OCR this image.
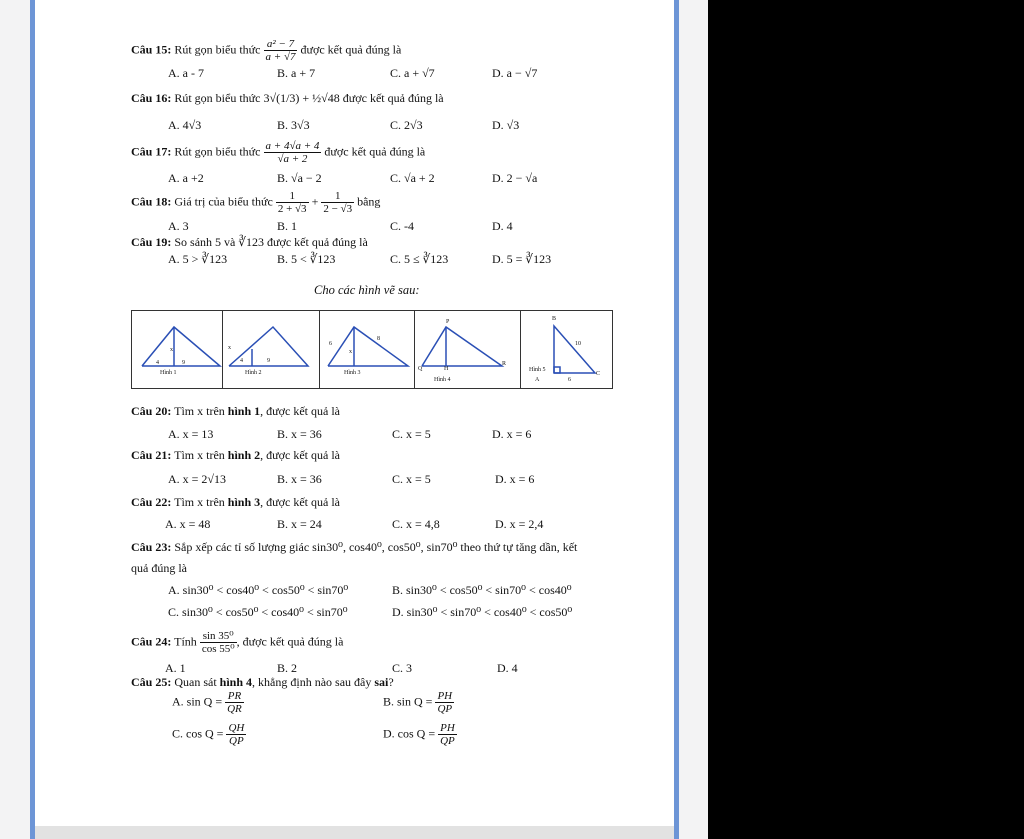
Câu 15: Rút gọn biểu thức $\frac{\text{a² − 7}}{a + √7}$ được kết quả đúng là
A. a - 7	B. a + 7	C. a + √7	D. a − √7
Câu 16: Rút gọn biểu thức 3√(1/3) + ½√48 được kết quả đúng là
A. 4√3	B. 3√3	C. 2√3	D. √3
Câu 17: Rút gọn biểu thức $\frac{a + 4√a + 4}{√a + 2}$ được kết quả đúng là
A. a +2	B. √a − 2	C. √a + 2	D. 2 − √a
Câu 18: Giá trị của biểu thức $\frac{1}{2 + √3} + \frac{1}{2 - √3}$ bằng
A. 3	B. 1	C. -4	D. 4
Câu 19: So sánh 5 và ∛123 được kết quả đúng là
A. 5 > ∛123	B. 5 < ∛123	C. 5 ≤ ∛123	D. 5 = ∛123
Cho các hình vẽ sau:
x
4	9
Hình 1
x
4	9
Hình 2
6
8
x
Hình 3
P
Q	H
R
Hình 4
B
10
Hình 5
A	6
C
Câu 20: Tìm x trên hình 1, được kết quả là
A. x = 13	B. x = 36	C. x = 5	D. x = 6
Câu 21: Tìm x trên hình 2, được kết quả là
A. x = 2√13	B. x = 36	C. x = 5	D. x = 6
Câu 22: Tìm x trên hình 3, được kết quả là
A. x = 48	B. x = 24	C. x = 4,8	D. x = 2,4
Câu 23: Sắp xếp các tỉ số lượng giác sin30⁰, cos40⁰, cos50⁰, sin70⁰ theo thứ tự tăng dần, kết
quả đúng là
A. sin30⁰ < cos40⁰ < cos50⁰ < sin70⁰	B. sin30⁰ < cos50⁰ < sin70⁰ < cos40⁰
C. sin30⁰ < cos50⁰ < cos40⁰ < sin70⁰	D. sin30⁰ < sin70⁰ < cos40⁰ < cos50⁰
Câu 24: Tính $\frac{\text{sin 35⁰}}{\text{cos 55⁰}}$ , được kết quả đúng là
A. 1	B. 2	C. 3	D. 4
Câu 25: Quan sát hình 4, khẳng định nào sau đây sai?
A. $\sin Q = \frac{PR}{QR}$	B. $\sin Q = \frac{PH}{QP}$
C. $\cos Q = \frac{QH}{QP}$	D. $\cos Q = \frac{PH}{QP}$
